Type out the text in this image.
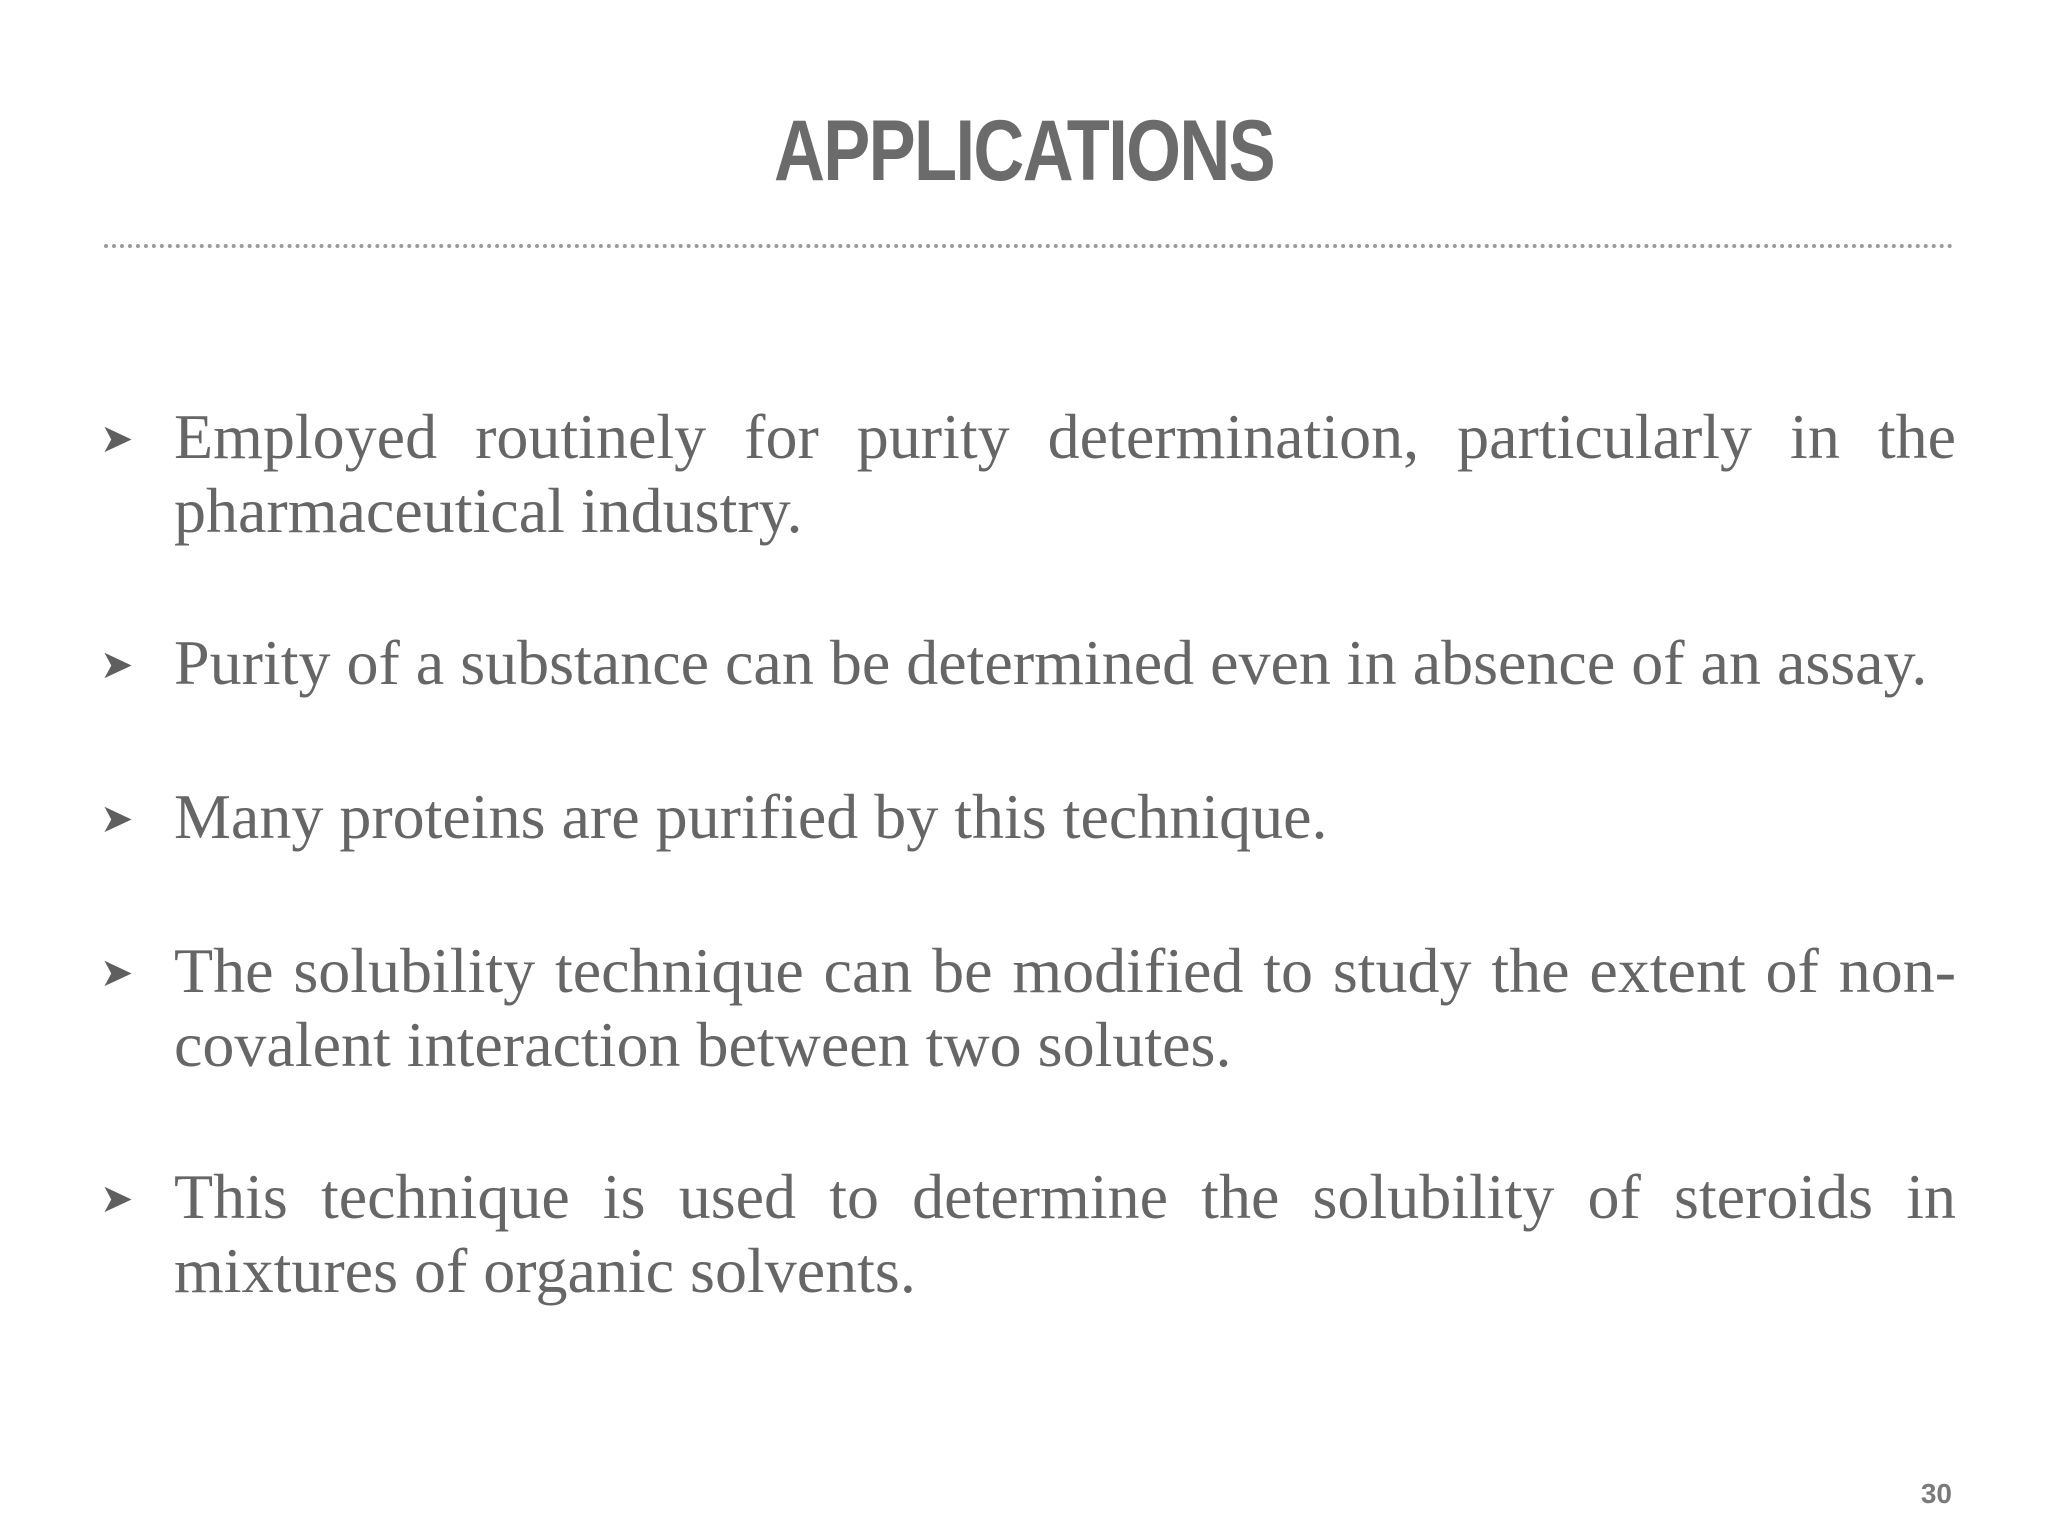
APPLICATIONS
➤ Employed routinely for purity determination, particularly in the pharmaceutical industry.
➤ Purity of a substance can be determined even in absence of an assay.
➤ Many proteins are purified by this technique.
➤ The solubility technique can be modified to study the extent of non-covalent interaction between two solutes.
➤ This technique is used to determine the solubility of steroids in mixtures of organic solvents.
30
